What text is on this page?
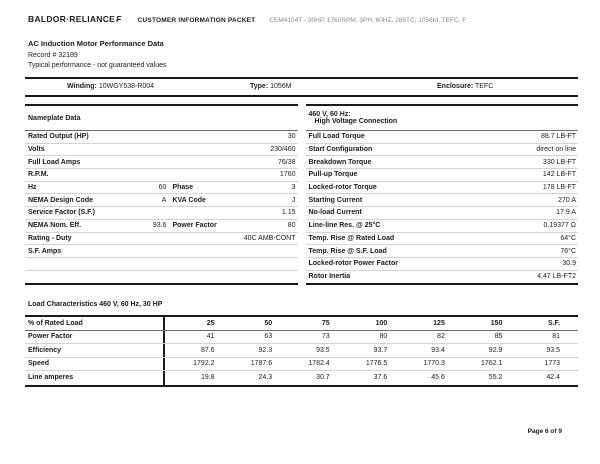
BALDOR·RELIANCEF CUSTOMER INFORMATION PACKET CEM4104T - 30HP, 1760RPM, 3PH, 60HZ, 286TC, 1056M, TEFC, F
AC Induction Motor Performance Data
Record # 32189
Typical performance - not guaranteed values
Winding: 10WGY538-R004	Type: 1056M	Enclosure: TEFC
Nameplate Data
Rated Output (HP)	30
Volts	230/460
Full Load Amps	76/38
R.P.M.	1760
Hz	60 Phase	3
NEMA Design Code	A KVA Code	J
Service Factor (S.F.)	1.15
NEMA Nom. Eff.	93.6 Power Factor	80
Rating - Duty	40C AMB-CONT
S.F. Amps
460 V, 60 Hz:
High Voltage Connection
Full Load Torque	88.7 LB-FT
Start Configuration	direct on line
Breakdown Torque	330 LB-FT
Pull-up Torque	142 LB-FT
Locked-rotor Torque	178 LB-FT
Starting Current	270 A
No-load Current	17.9 A
Line-line Res. @ 25°C	0.19377 Ω
Temp. Rise @ Rated Load	64°C
Temp. Rise @ S.F. Load	76°C
Locked-rotor Power Factor	30.9
Rotor Inertia	4.47 LB-FT2
Load Characteristics 460 V, 60 Hz, 30 HP
% of Rated Load	25	50	75	100	125	150	S.F.
Power Factor	41	63	73	80	82	85	81
Efficiency	87.6	92.3	93.5	93.7	93.4	92.9	93.5
Speed	1792.2	1787.6	1782.4	1776.5	1770.3	1762.1	1773
Line amperes	19.8	24.3	30.7	37.6	45.6	55.2	42.4
Page 6 of 9
